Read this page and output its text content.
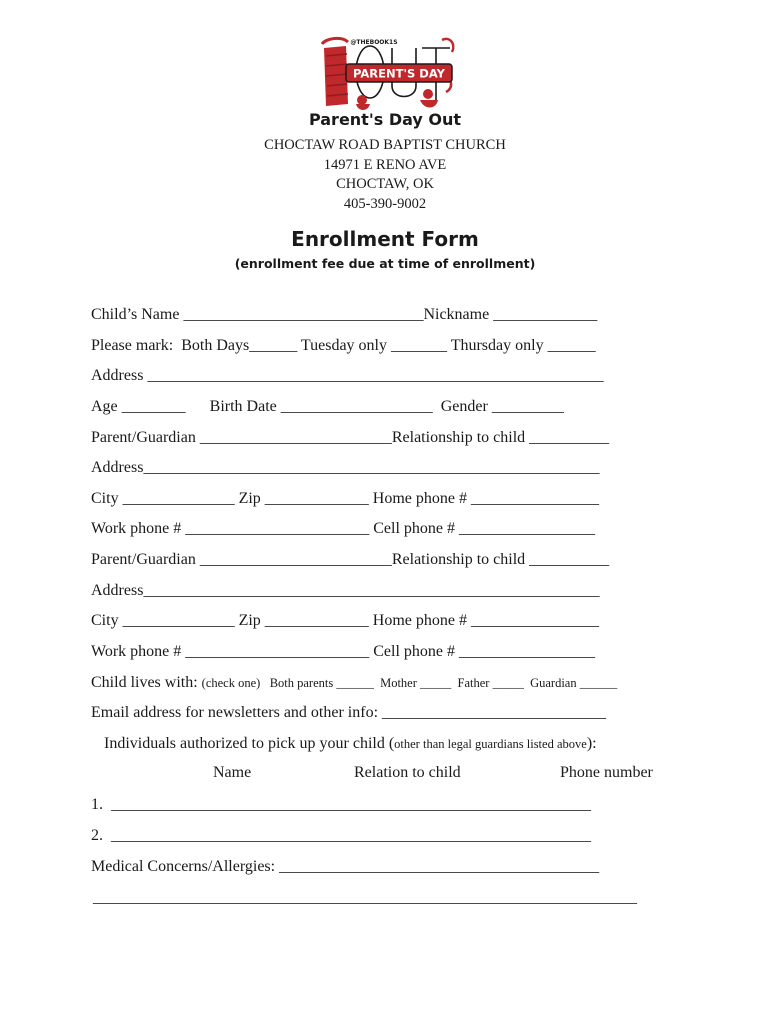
PARENT'S DAY
@THEBOOK1S
Parent's Day Out
CHOCTAW ROAD BAPTIST CHURCH
14971 E RENO AVE
CHOCTAW, OK
405-390-9002
Enrollment Form
(enrollment fee due at time of enrollment)
Child’s Name ______________________________Nickname _____________
Please mark:  Both Days______ Tuesday only _______ Thursday only ______
Address _________________________________________________________
Age ________      Birth Date ___________________  Gender _________
Parent/Guardian ________________________Relationship to child __________
Address_________________________________________________________
City ______________ Zip _____________ Home phone # ________________
Work phone # _______________________ Cell phone # _________________
Parent/Guardian ________________________Relationship to child __________
Address_________________________________________________________
City ______________ Zip _____________ Home phone # ________________
Work phone # _______________________ Cell phone # _________________
Child lives with: (check one)   Both parents ______  Mother _____  Father _____  Guardian ______
Email address for newsletters and other info: ____________________________
Individuals authorized to pick up your child (other than legal guardians listed above):
Name	Relation to child	Phone number
1.  ____________________________________________________________
2.  ____________________________________________________________
Medical Concerns/Allergies: ________________________________________
____________________________________________________________________
